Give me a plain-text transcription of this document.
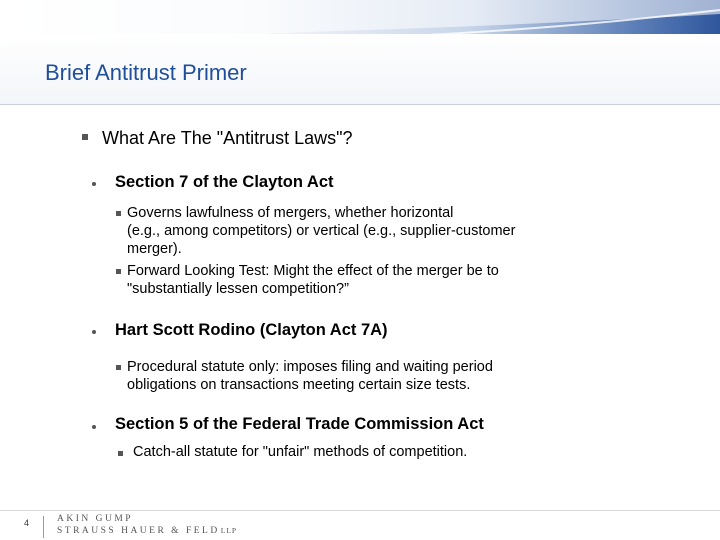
Brief Antitrust Primer
What Are The "Antitrust Laws"?
Section 7 of the Clayton Act
Governs lawfulness of mergers, whether horizontal
(e.g., among competitors) or vertical (e.g., supplier-customer
merger).
Forward Looking Test: Might the effect of the merger be to
"substantially lessen competition?”
Hart Scott Rodino (Clayton Act 7A)
Procedural statute only: imposes filing and waiting period
obligations on transactions meeting certain size tests.
Section 5 of the Federal Trade Commission Act
Catch-all statute for "unfair" methods of competition.
4	AKIN GUMP
STRAUSS HAUER & FELDLLP
